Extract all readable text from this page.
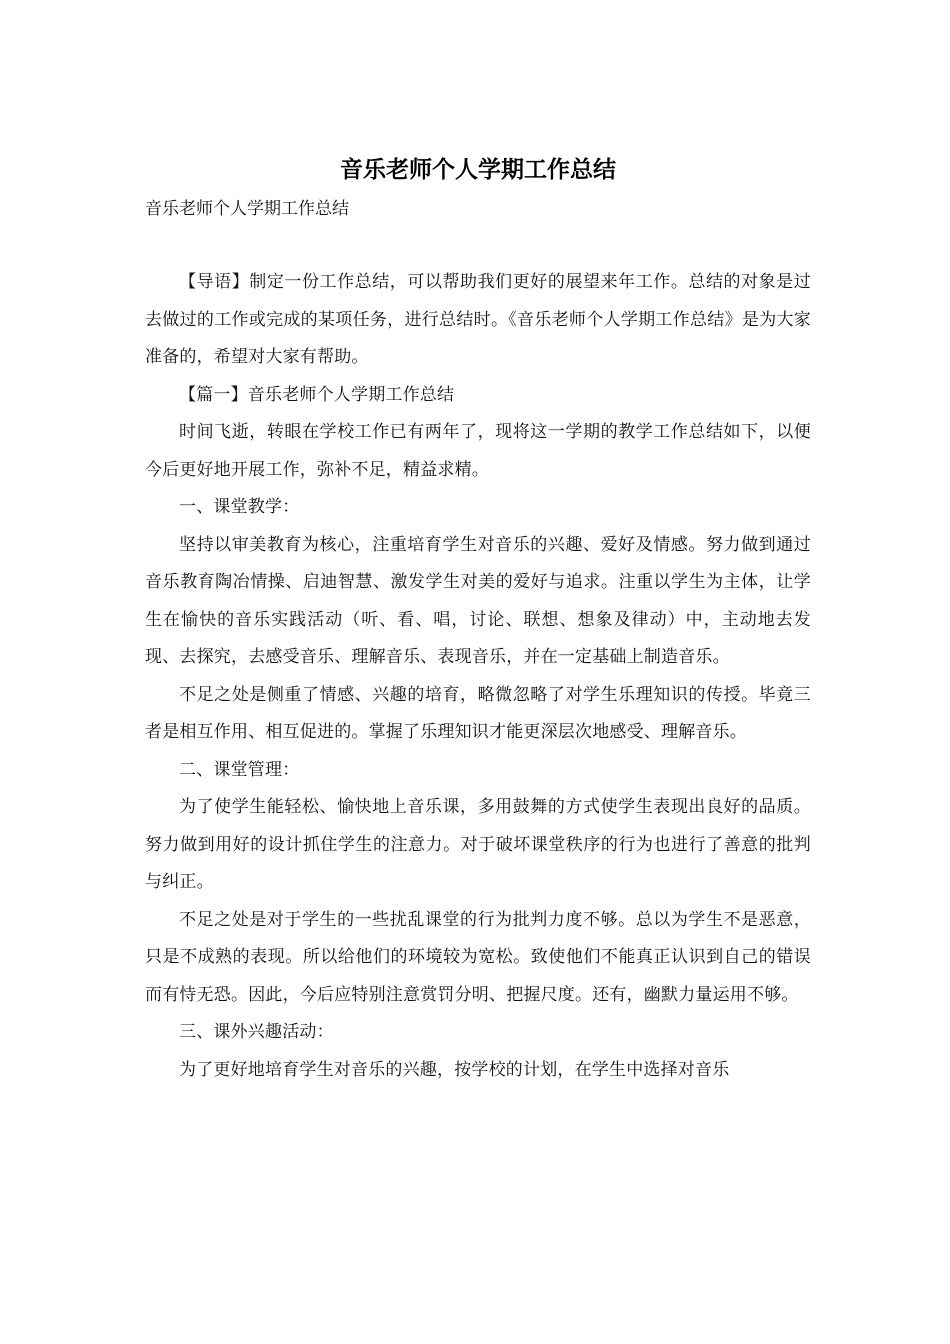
音乐老师个人学期工作总结

音乐老师个人学期工作总结

【导语】制定一份工作总结，可以帮助我们更好的展望来年工作。总结的对象是过去做过的工作或完成的某项任务，进行总结时。《音乐老师个人学期工作总结》是为大家准备的，希望对大家有帮助。

【篇一】音乐老师个人学期工作总结

时间飞逝，转眼在学校工作已有两年了，现将这一学期的教学工作总结如下，以便今后更好地开展工作，弥补不足，精益求精。

一、课堂教学：

坚持以审美教育为核心，注重培育学生对音乐的兴趣、爱好及情感。努力做到通过音乐教育陶冶情操、启迪智慧、激发学生对美的爱好与追求。注重以学生为主体，让学生在愉快的音乐实践活动（听、看、唱，讨论、联想、想象及律动）中，主动地去发现、去探究，去感受音乐、理解音乐、表现音乐，并在一定基础上制造音乐。

不足之处是侧重了情感、兴趣的培育，略微忽略了对学生乐理知识的传授。毕竟三者是相互作用、相互促进的。掌握了乐理知识才能更深层次地感受、理解音乐。

二、课堂管理：

为了使学生能轻松、愉快地上音乐课，多用鼓舞的方式使学生表现出良好的品质。努力做到用好的设计抓住学生的注意力。对于破坏课堂秩序的行为也进行了善意的批判与纠正。

不足之处是对于学生的一些扰乱课堂的行为批判力度不够。总以为学生不是恶意，只是不成熟的表现。所以给他们的环境较为宽松。致使他们不能真正认识到自己的错误而有恃无恐。因此，今后应特别注意赏罚分明、把握尺度。还有，幽默力量运用不够。

三、课外兴趣活动：

为了更好地培育学生对音乐的兴趣，按学校的计划，在学生中选择对音乐
